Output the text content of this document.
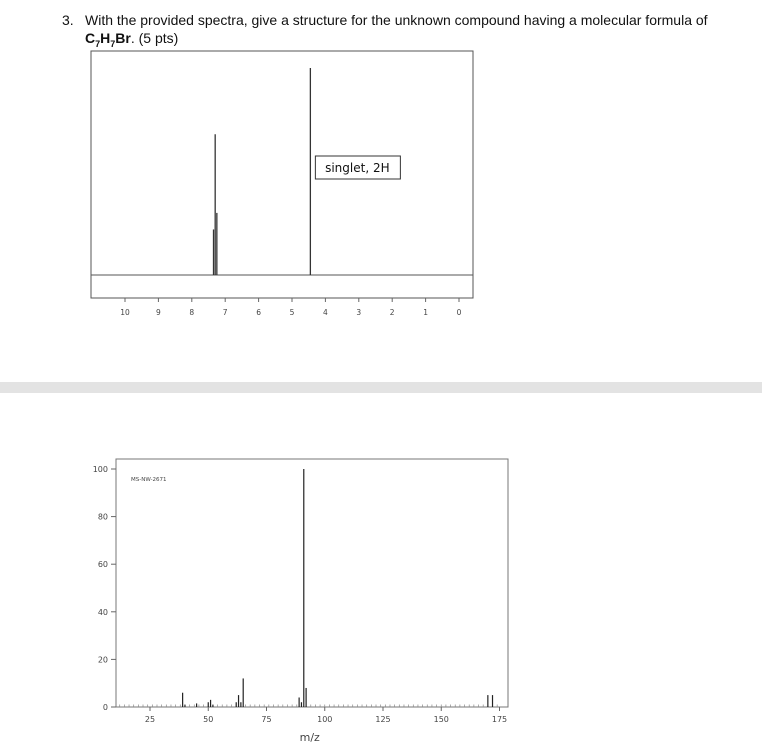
3. With the provided spectra, give a structure for the unknown compound having a molecular formula of
$C_7H_7Br$. (5 pts)
10	9	8	7	6	5	4	3	2	1	0
singlet, 2H
MS-NW-2671
0
20
40
60
80
100
25	50	75	100	125	150	175
m/z
